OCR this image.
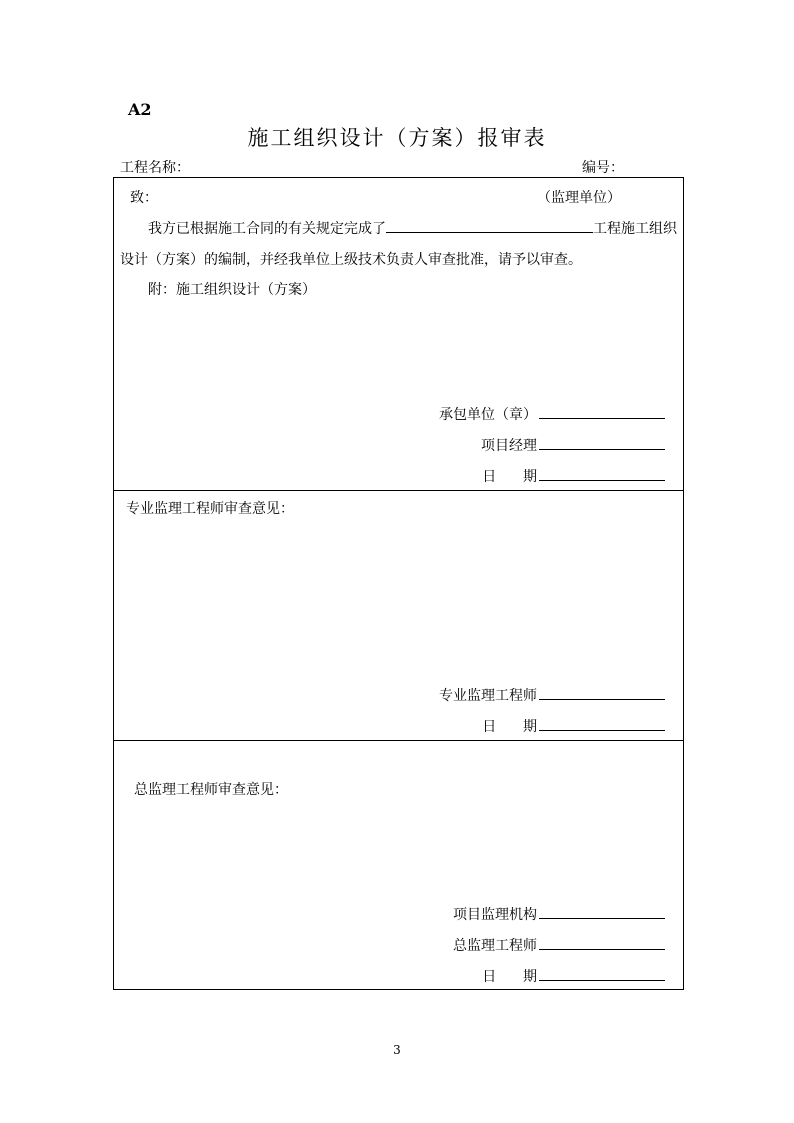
A2
施工组织设计（方案）报审表
工程名称：	编号：
致：	（监理单位）
我方已根据施工合同的有关规定完成了	工程施工组织
设计（方案）的编制，并经我单位上级技术负责人审查批准，请予以审查。
附：施工组织设计（方案）
承包单位（章）
项目经理
日      期
专业监理工程师审查意见：
专业监理工程师
日      期
总监理工程师审查意见：
项目监理机构
总监理工程师
日      期
3
